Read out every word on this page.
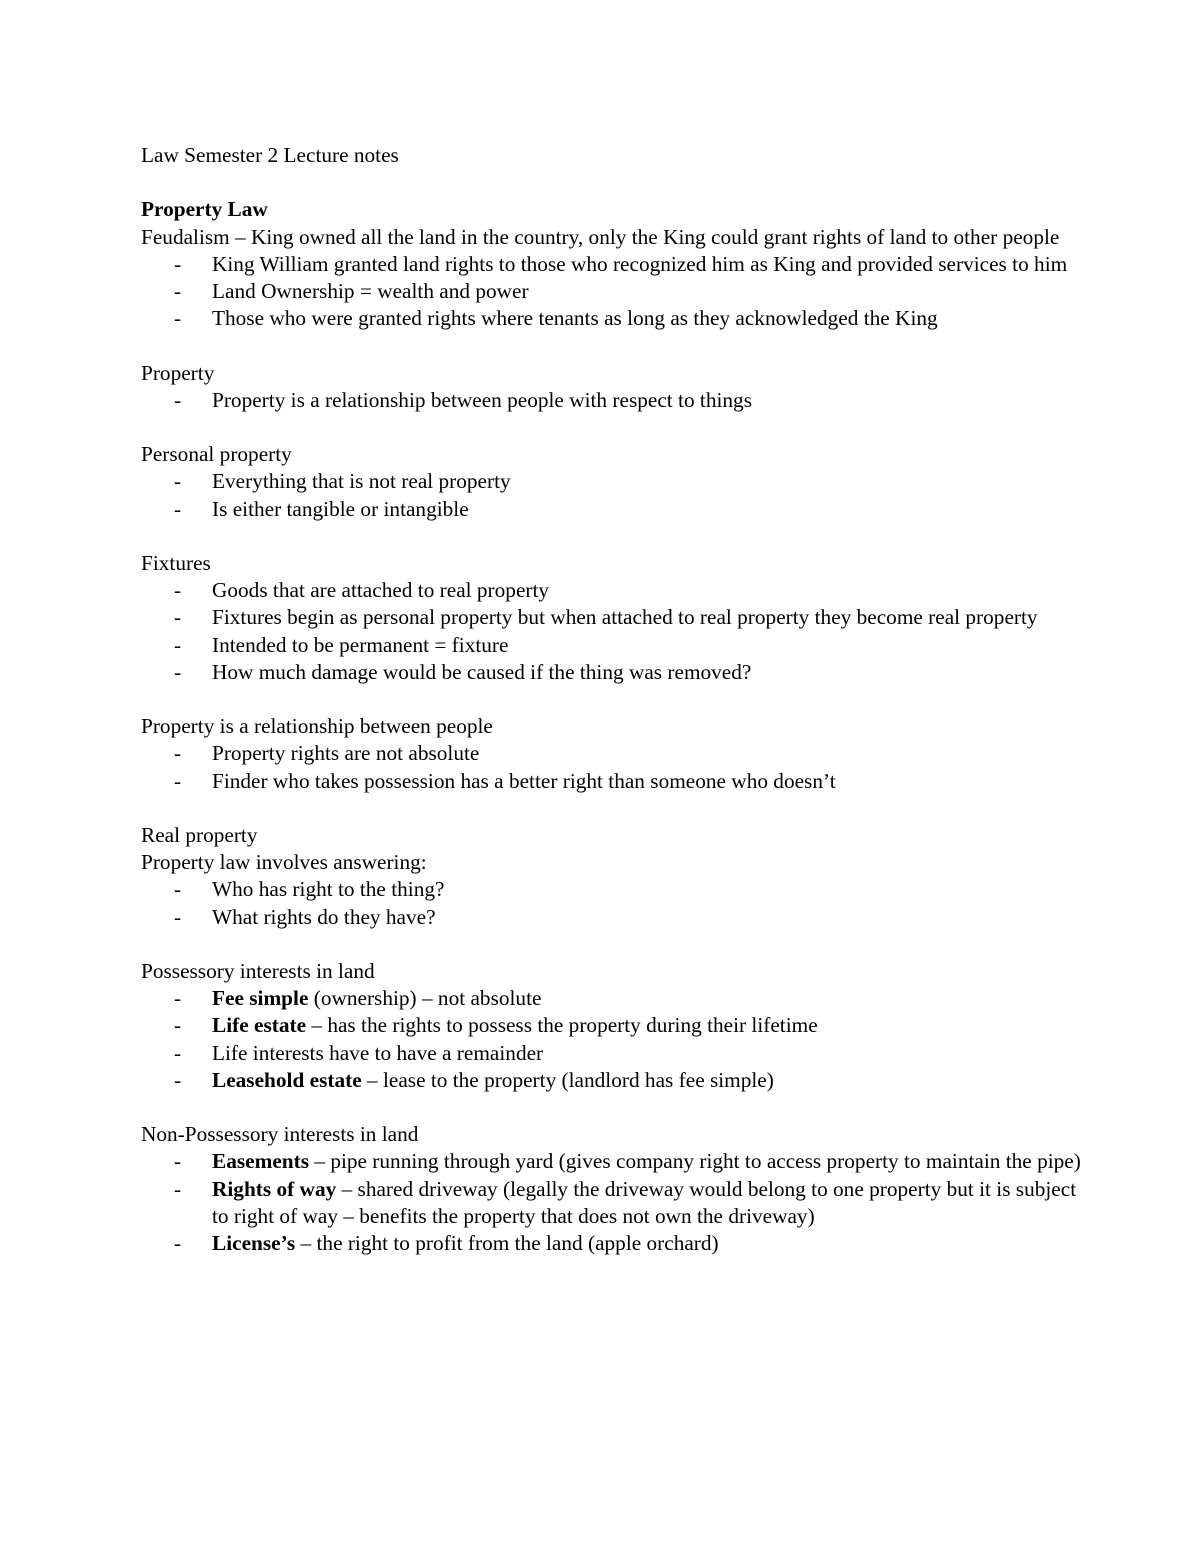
Law Semester 2 Lecture notes

Property Law

Feudalism – King owned all the land in the country, only the King could grant rights of land to other people

- King William granted land rights to those who recognized him as King and provided services to him
- Land Ownership = wealth and power
- Those who were granted rights where tenants as long as they acknowledged the King

Property

- Property is a relationship between people with respect to things

Personal property

- Everything that is not real property
- Is either tangible or intangible

Fixtures

- Goods that are attached to real property
- Fixtures begin as personal property but when attached to real property they become real property
- Intended to be permanent = fixture
- How much damage would be caused if the thing was removed?

Property is a relationship between people

- Property rights are not absolute
- Finder who takes possession has a better right than someone who doesn’t

Real property

Property law involves answering:

- Who has right to the thing?
- What rights do they have?

Possessory interests in land

- Fee simple (ownership) – not absolute
- Life estate – has the rights to possess the property during their lifetime
- Life interests have to have a remainder
- Leasehold estate – lease to the property (landlord has fee simple)

Non-Possessory interests in land

- Easements – pipe running through yard (gives company right to access property to maintain the pipe)
- Rights of way – shared driveway (legally the driveway would belong to one property but it is subject to right of way – benefits the property that does not own the driveway)
- License’s – the right to profit from the land (apple orchard)
